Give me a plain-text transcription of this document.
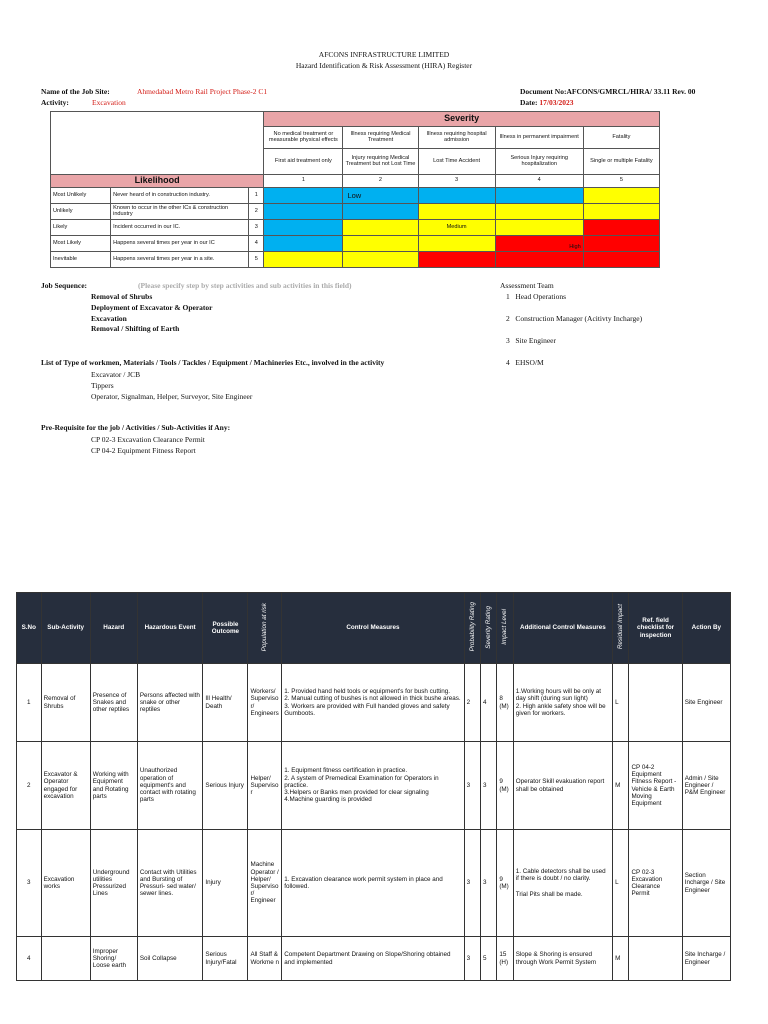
AFCONS INFRASTRUCTURE LIMITED
Hazard Identification & Risk Assessment (HIRA) Register
Name of the Job Site:	Ahmedabad Metro Rail Project Phase-2 C1
Activity:	Excavation
Document No:AFCONS/GMRCL/HIRA/ 33.11 Rev. 00
Date: 17/03/2023
			Severity				
			No medical treatment or measurable physical effects	Illness requiring Medical Treatment	Illness requiring hospital admission	Illness in permanent impairment	Fatality
			First aid treatment only	Injury requiring Medical Treatment but not Lost Time	Lost Time Accident	Serious Injury requiring hospitalization	Single or multiple Fatality
Likelihood			1	2	3	4	5
Most Unlikely	Never heard of in construction industry.	1		Low			
Unlikely	Known to occur in the other ICs & construction industry	2					
Likely	Incident occurred in our IC.	3			Medium		
Most Likely	Happens several times per year in our IC	4				High	
Inevitable	Happens several times per year in a site.	5					
Job Sequence:	(Please specify step by step activities and sub activities in this field)
Removal of Shrubs
Deployment of Excavator & Operator
Excavation
Removal / Shifting of Earth
Assessment Team
1 Head Operations
2 Construction Manager (Acitivty Incharge)
3 Site Engineer
4 EHSO/M
List of Type of workmen, Materials / Tools / Tackles / Equipment / Machineries Etc., involved in the activity
Excavator / JCB
Tippers
Operator, Signalman, Helper, Surveyor, Site Engineer
Pre-Requisite for the job / Activities / Sub-Activities if Any:
CP 02-3 Excavation Clearance Permit
CP 04-2 Equipment Fitness Report
S.No	Sub-Activity	Hazard	Hazardous Event	Possible Outcome	Population at risk	Control Measures	Probability Rating	Severity Rating	Impact Level	Additional Control Measures	Residual Impact	Ref. field checklist for inspection	Action By
1	Removal of Shrubs	Presence of Snakes and other reptiles	Persons affected with snake or other reptiles	Ill Health/ Death	Workers/ Superviso r/ Engineers	1. Provided hand held tools or equipment's for bush cutting.
2. Manual cutting of bushes is not allowed in thick bushe areas.
3. Workers are provided with Full handed gloves and safety Gumboots.	2	4	8 (M)	1.Working hours will be only at day shift (during sun light)
2. High ankle safety shoe will be given for workers.	L		Site Engineer
2	Excavator & Operator engaged for excavation	Working with Equipment and Rotating parts	Unauthorized operation of equipment's and contact with rotating parts	Serious Injury	Helper/ Superviso r	1. Equipment fitness certification in practice.
2. A system of Premedical Examination for Operators in practice.
3.Helpers or Banks men provided for clear signaling
4.Machine guarding is provided	3	3	9 (M)	Operator Skill evakuation report shall be obtained	M	CP 04-2 Equipment Fitness Report - Vehicle & Earth Moving Equipment	Admin / Site Engineer / P&M Engineer
3	Excavation works	Underground utilities Pressurized Lines	Contact with Utilities and Bursting of Pressuri- sed water/ sewer lines.	Injury	Machine Operator / Helper/ Superviso r/ Engineer	1. Excavation clearance work permit system in place and followed.	3	3	9 (M)	1. Cable detectors shall be used if there is doubt / no clarity.
Trial Pits shall be made.	L	CP 02-3 Excavation Clearance Permit	Section Incharge / Site Engineer
4		Improper Shoring/ Loose earth	Soil Collapse	Serious Injury/Fatal	All Staff & Workme n	Competent Department Drawing on Slope/Shoring obtained and implemented	3	5	15 (H)	Slope & Shoring is ensured through Work Permit System	M		Site Incharge / Engineer
